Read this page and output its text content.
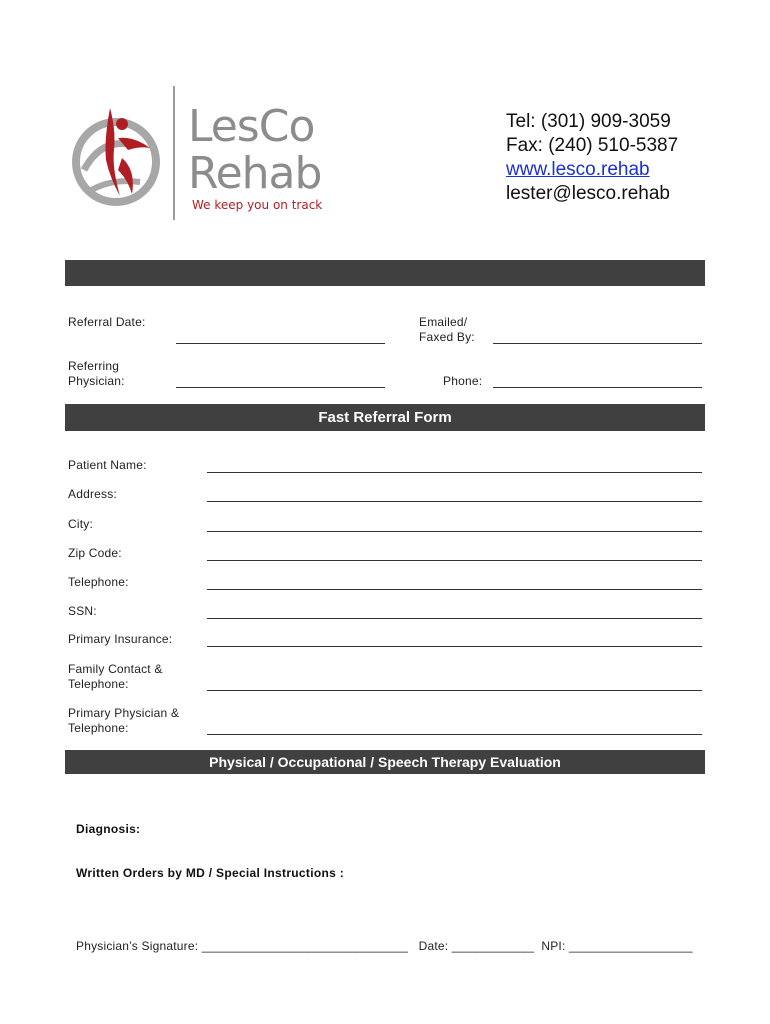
LesCo
Rehab
We keep you on track
Tel: (301) 909-3059
Fax: (240) 510-5387
www.lesco.rehab
lester@lesco.rehab
Referral Date:	Emailed/
Faxed By:
Referring
Physician:	Phone:
Fast Referral Form
Patient Name:
Address:
City:
Zip Code:
Telephone:
SSN:
Primary Insurance:
Family Contact &
Telephone:
Primary Physician &
Telephone:
Physical / Occupational / Speech Therapy Evaluation
Diagnosis:
Written Orders by MD / Special Instructions :
Physician’s Signature: ______________________________   Date: ____________  NPI: __________________
